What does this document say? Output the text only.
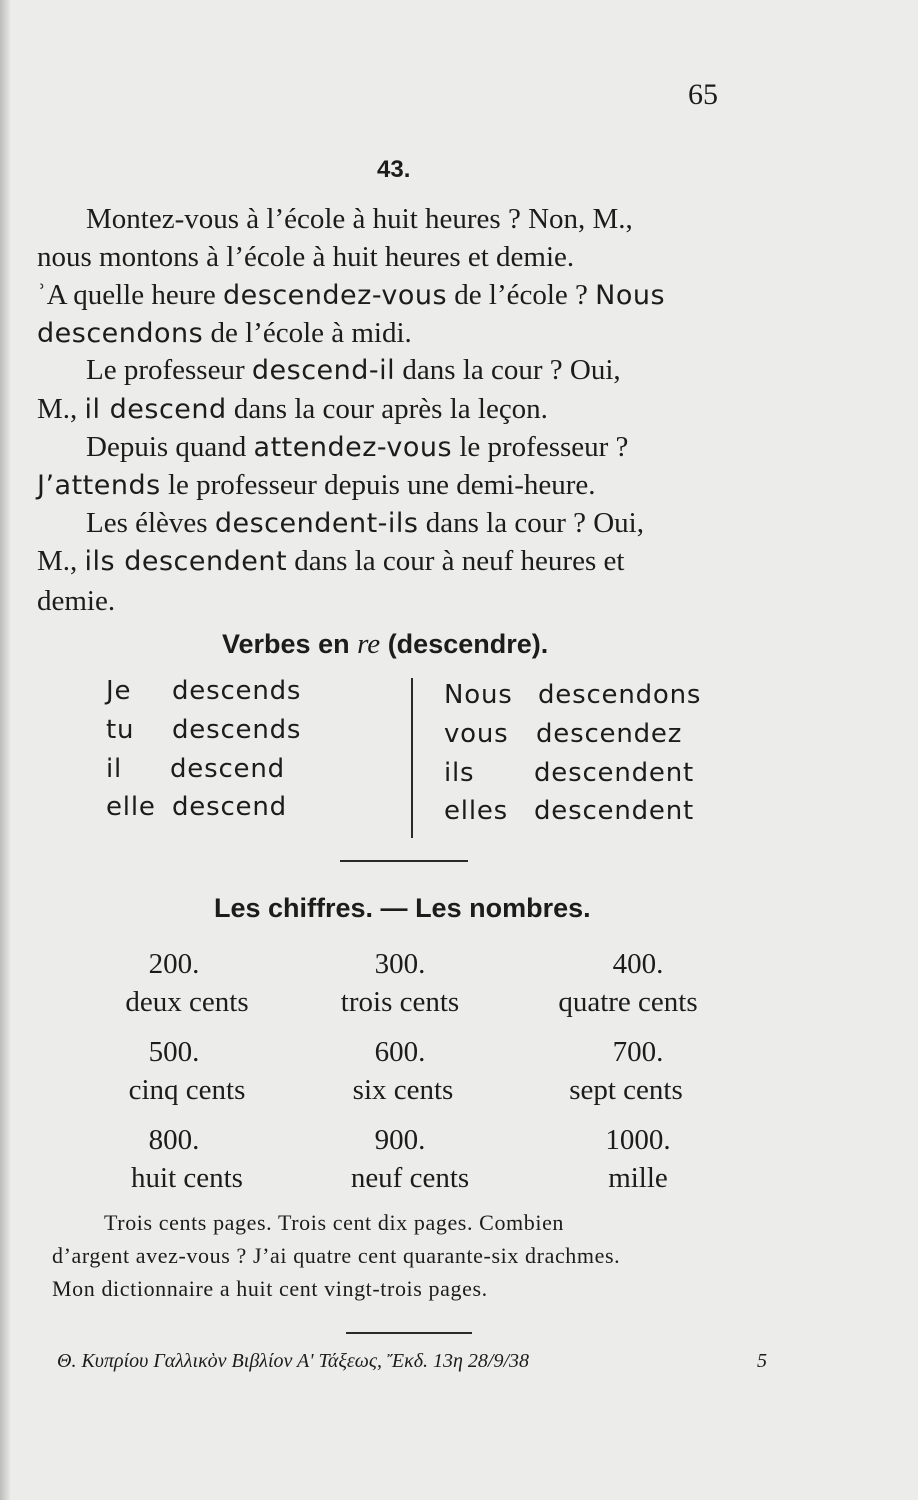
65
43.
Montez-vous à l’école à huit heures ? Non, M.,
nous montons à l’école à huit heures et demie.
ʾA quelle heure descendez-vous de l’école ? Nous
descendons de l’école à midi.
Le professeur descend-il dans la cour ? Oui,
M., il descend dans la cour après la leçon.
Depuis quand attendez-vous le professeur ?
J’attends le professeur depuis une demi-heure.
Les élèves descendent-ils dans la cour ? Oui,
M., ils descendent dans la cour à neuf heures et
demie.
Verbes en re (descendre).
Je descends
tu descends
il descend
elle descend
Nous descendons
vous descendez
ils descendent
elles descendent
Les chiffres. — Les nombres.
200.
deux cents
300.
trois cents
400.
quatre cents
500.
cinq cents
600.
six cents
700.
sept cents
800.
huit cents
900.
neuf cents
1000.
mille
Trois cents pages. Trois cent dix pages. Combien
d’argent avez-vous ? J’ai quatre cent quarante-six drachmes.
Mon dictionnaire a huit cent vingt-trois pages.
Θ. Κυπρίου Γαλλικὸν Βιβλίον Α' Τάξεως, Ἔκδ. 13η 28/9/38	5
